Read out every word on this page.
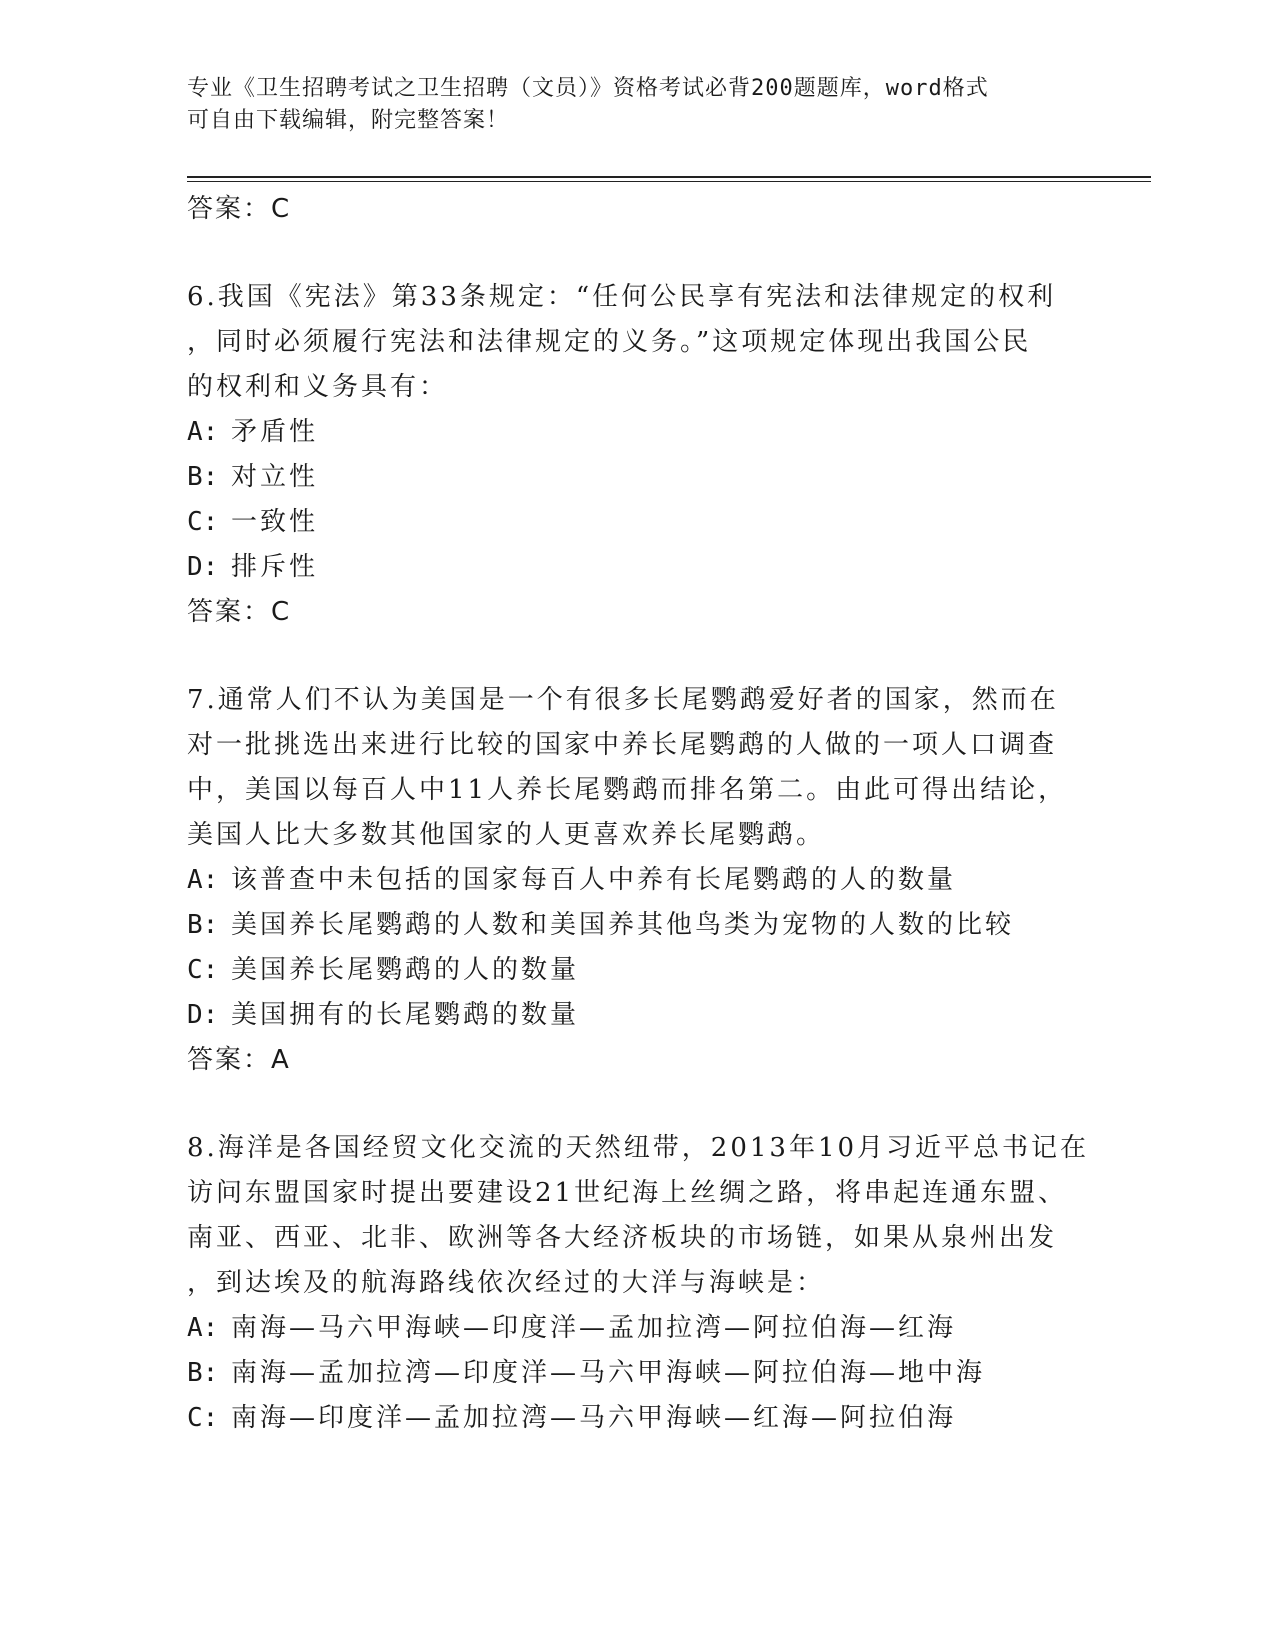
专业《卫生招聘考试之卫生招聘（文员）》资格考试必背200题题库，word格式
可自由下载编辑，附完整答案！
答案：C
6.我国《宪法》第33条规定：“任何公民享有宪法和法律规定的权利
，同时必须履行宪法和法律规定的义务。”这项规定体现出我国公民
的权利和义务具有：
A: 矛盾性
B: 对立性
C: 一致性
D: 排斥性
答案：C
7.通常人们不认为美国是一个有很多长尾鹦鹉爱好者的国家，然而在
对一批挑选出来进行比较的国家中养长尾鹦鹉的人做的一项人口调查
中，美国以每百人中11人养长尾鹦鹉而排名第二。由此可得出结论，
美国人比大多数其他国家的人更喜欢养长尾鹦鹉。
A: 该普查中未包括的国家每百人中养有长尾鹦鹉的人的数量
B: 美国养长尾鹦鹉的人数和美国养其他鸟类为宠物的人数的比较
C: 美国养长尾鹦鹉的人的数量
D: 美国拥有的长尾鹦鹉的数量
答案：A
8.海洋是各国经贸文化交流的天然纽带，2013年10月习近平总书记在
访问东盟国家时提出要建设21世纪海上丝绸之路，将串起连通东盟、
南亚、西亚、北非、欧洲等各大经济板块的市场链，如果从泉州出发
，到达埃及的航海路线依次经过的大洋与海峡是：
A: 南海—马六甲海峡—印度洋—孟加拉湾—阿拉伯海—红海
B: 南海—孟加拉湾—印度洋—马六甲海峡—阿拉伯海—地中海
C: 南海—印度洋—孟加拉湾—马六甲海峡—红海—阿拉伯海
